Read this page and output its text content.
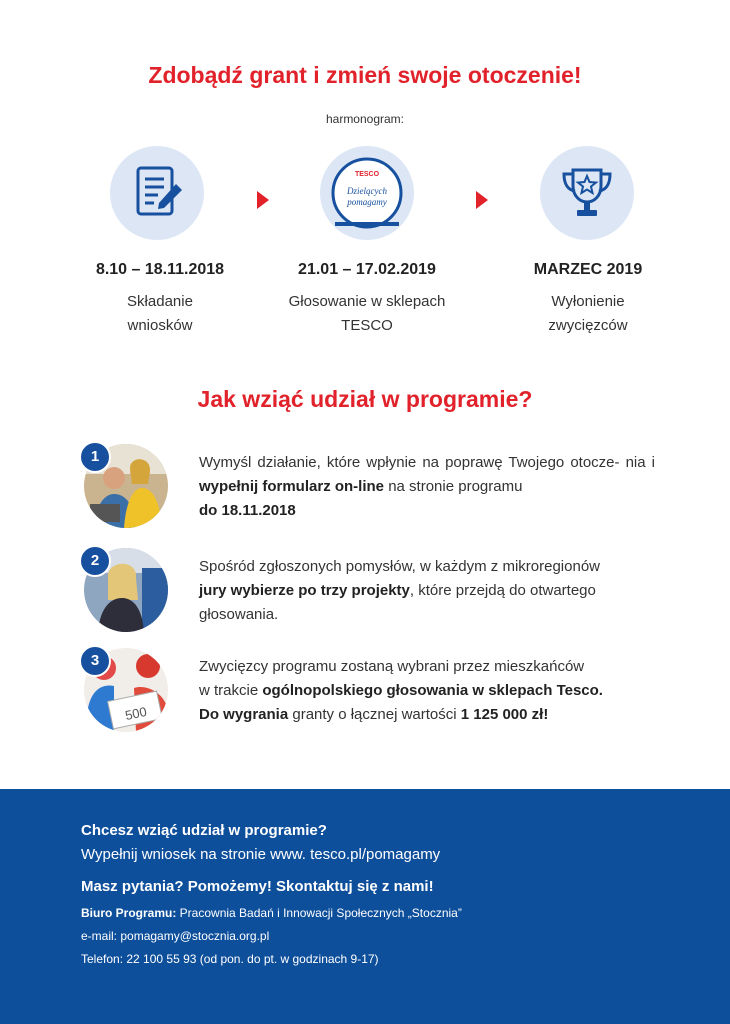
Zdobądź grant i zmień swoje otoczenie!
harmonogram:
TESCO
Dzielących
pomagamy
8.10 – 18.11.2018
Składanie
wniosków
21.01 – 17.02.2019
Głosowanie w sklepach
TESCO
MARZEC 2019
Wyłonienie
zwycięzców
Jak wziąć udział w programie?
1	Wymyśl działanie, które wpłynie na poprawę Twojego otocze- nia i wypełnij formularz on-line na stronie programu
do 18.11.2018
2	Spośród zgłoszonych pomysłów, w każdym z mikroregionów
jury wybierze po trzy projekty, które przejdą do otwartego
głosowania.
500
3	Zwycięzcy programu zostaną wybrani przez mieszkańców
w trakcie ogólnopolskiego głosowania w sklepach Tesco.
Do wygrania granty o łącznej wartości 1 125 000 zł!
Chcesz wziąć udział w programie?
Wypełnij wniosek na stronie www. tesco.pl/pomagamy
Masz pytania? Pomożemy! Skontaktuj się z nami!
Biuro Programu: Pracownia Badań i Innowacji Społecznych „Stocznia”
e-mail: pomagamy@stocznia.org.pl
Telefon: 22 100 55 93 (od pon. do pt. w godzinach 9-17)
